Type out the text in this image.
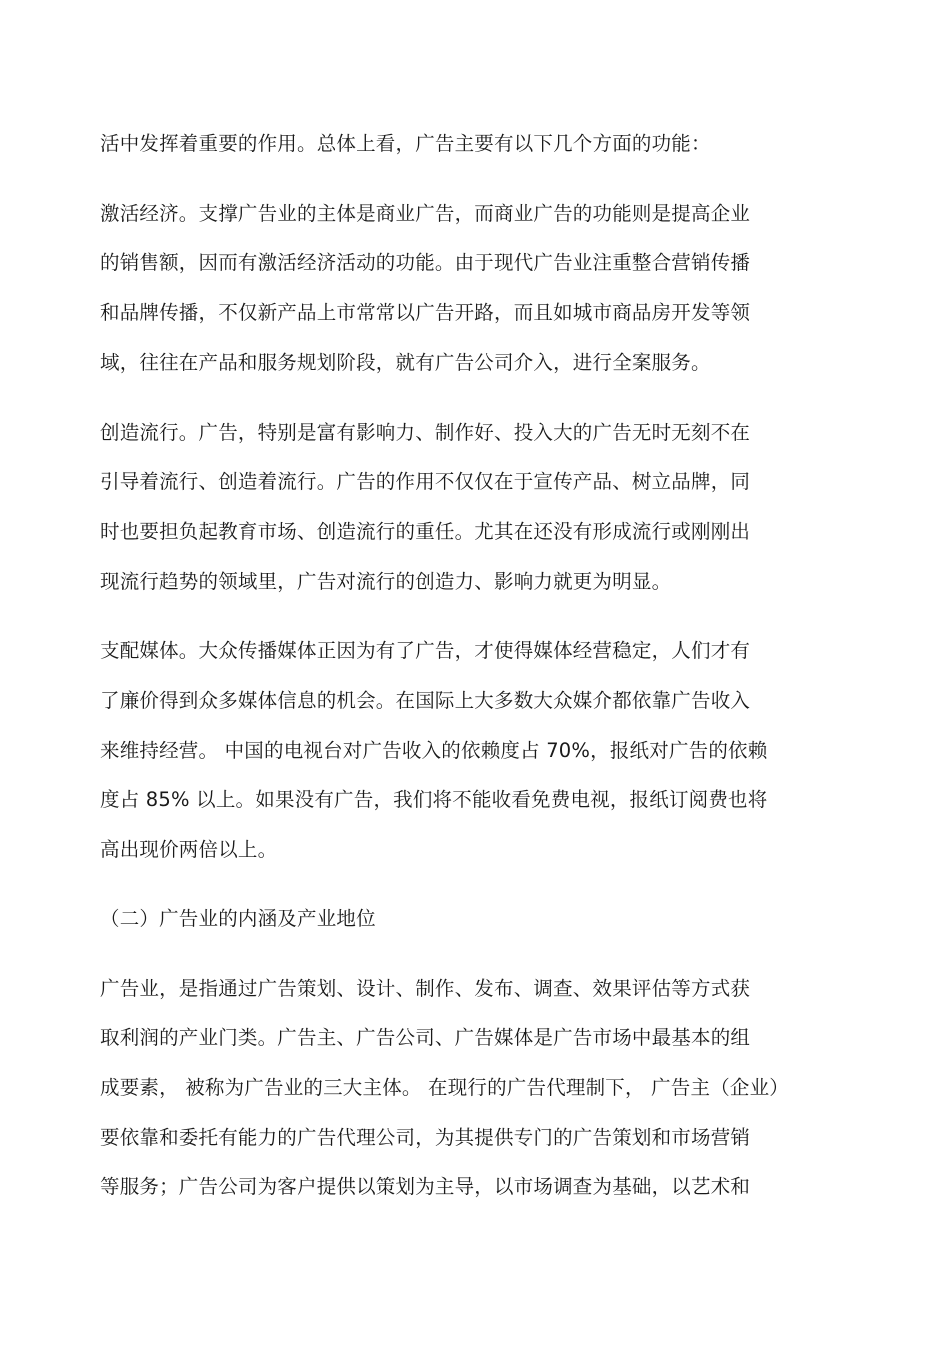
活中发挥着重要的作用。总体上看，广告主要有以下几个方面的功能：
激活经济。支撑广告业的主体是商业广告，而商业广告的功能则是提高企业
的销售额，因而有激活经济活动的功能。由于现代广告业注重整合营销传播
和品牌传播，不仅新产品上市常常以广告开路，而且如城市商品房开发等领
域，往往在产品和服务规划阶段，就有广告公司介入，进行全案服务。
创造流行。广告，特别是富有影响力、制作好、投入大的广告无时无刻不在
引导着流行、创造着流行。广告的作用不仅仅在于宣传产品、树立品牌，同
时也要担负起教育市场、创造流行的重任。尤其在还没有形成流行或刚刚出
现流行趋势的领域里，广告对流行的创造力、影响力就更为明显。
支配媒体。大众传播媒体正因为有了广告，才使得媒体经营稳定，人们才有
了廉价得到众多媒体信息的机会。在国际上大多数大众媒介都依靠广告收入
来维持经营。 中国的电视台对广告收入的依赖度占 70%，报纸对广告的依赖
度占 85% 以上。如果没有广告，我们将不能收看免费电视，报纸订阅费也将
高出现价两倍以上。
（二）广告业的内涵及产业地位
广告业，是指通过广告策划、设计、制作、发布、调查、效果评估等方式获
取利润的产业门类。广告主、广告公司、广告媒体是广告市场中最基本的组
成要素， 被称为广告业的三大主体。 在现行的广告代理制下， 广告主（企业）
要依靠和委托有能力的广告代理公司，为其提供专门的广告策划和市场营销
等服务；广告公司为客户提供以策划为主导，以市场调查为基础，以艺术和
